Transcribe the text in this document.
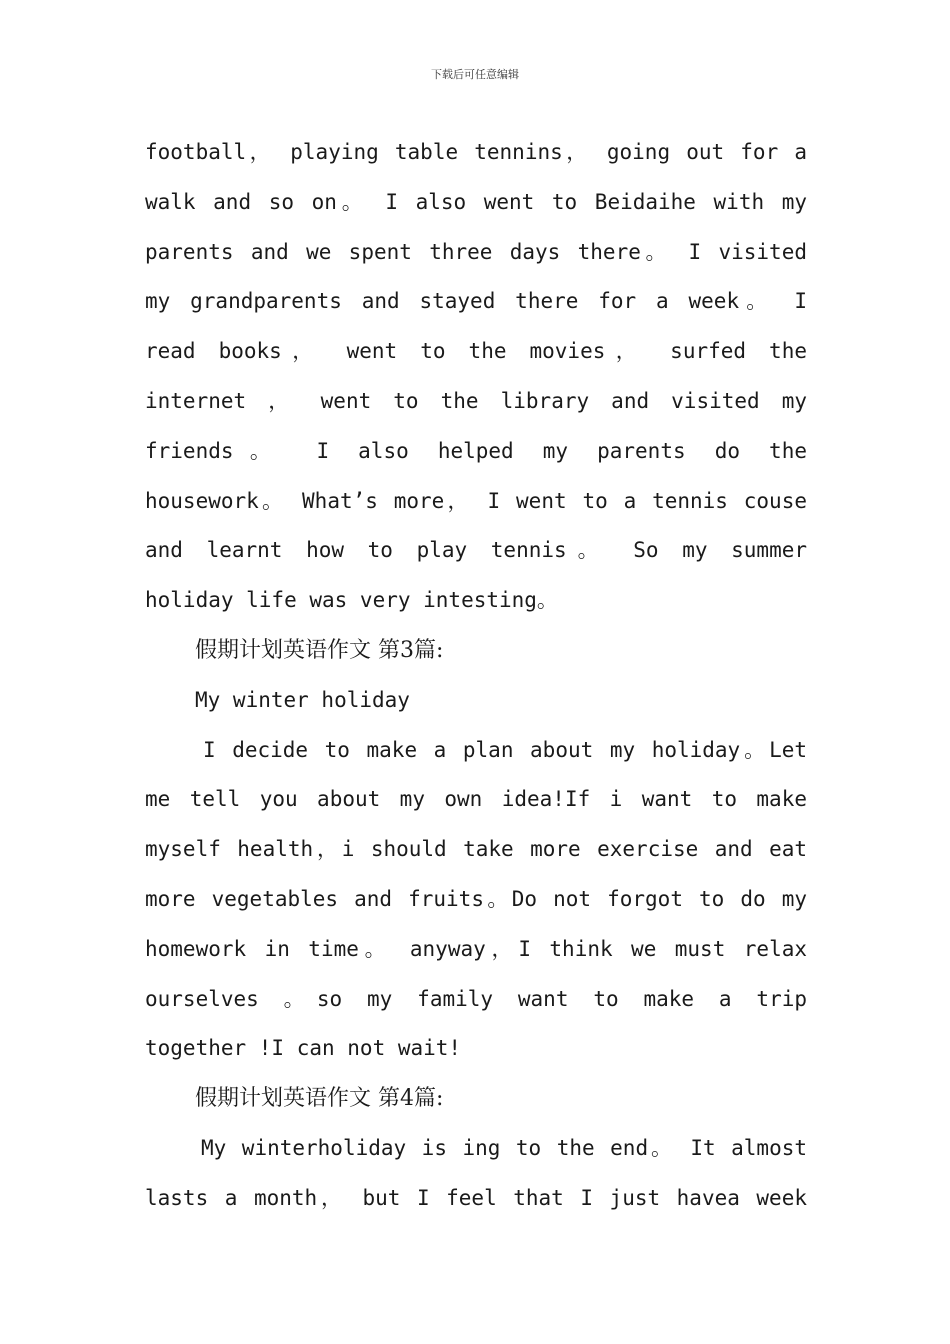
下载后可任意编辑
football， playing table tennins， going out for a
walk and so on。 I also went to Beidaihe with my
parents and we spent three days there。 I visited
my grandparents and stayed there for a week。 I
read books， went to the movies， surfed the
internet ， went to the library and visited my
friends。 I also helped my parents do the
housework。 What’s more， I went to a tennis couse
and learnt how to play tennis。 So my summer
holiday life was very intesting。
假期计划英语作文 第3篇:
My winter holiday
I decide to make a plan about my holiday。Let
me tell you about my own idea!If i want to make
myself health，i should take more exercise and eat
more vegetables and fruits。Do not forgot to do my
homework in time。 anyway，I think we must relax
ourselves 。so my family want to make a trip
together !I can not wait!
假期计划英语作文 第4篇:
My winterholiday is ing to the end。 It almost
lasts a month， but I feel that I just havea week
